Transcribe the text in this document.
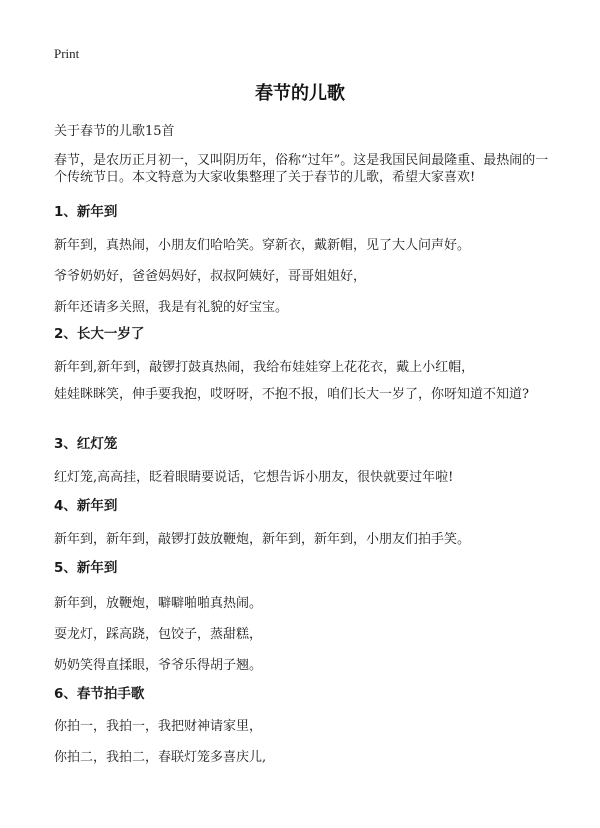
Print
春节的儿歌
关于春节的儿歌15首
春节，是农历正月初一，又叫阴历年，俗称“过年”。这是我国民间最隆重、最热闹的一个传统节日。本文特意为大家收集整理了关于春节的儿歌，希望大家喜欢!
1、新年到
新年到，真热闹，小朋友们哈哈笑。穿新衣，戴新帽，见了大人问声好。
爷爷奶奶好，爸爸妈妈好，叔叔阿姨好，哥哥姐姐好，
新年还请多关照，我是有礼貌的好宝宝。
2、长大一岁了
新年到,新年到，敲锣打鼓真热闹，我给布娃娃穿上花花衣，戴上小红帽，
娃娃眯眯笑，伸手要我抱，哎呀呀，不抱不报，咱们长大一岁了，你呀知道不知道?
3、红灯笼
红灯笼,高高挂，眨着眼睛要说话，它想告诉小朋友，很快就要过年啦!
4、新年到
新年到，新年到，敲锣打鼓放鞭炮，新年到，新年到，小朋友们拍手笑。
5、新年到
新年到，放鞭炮，噼噼啪啪真热闹。
耍龙灯，踩高跷，包饺子，蒸甜糕，
奶奶笑得直揉眼，爷爷乐得胡子翘。
6、春节拍手歌
你拍一，我拍一，我把财神请家里，
你拍二，我拍二，春联灯笼多喜庆儿,
